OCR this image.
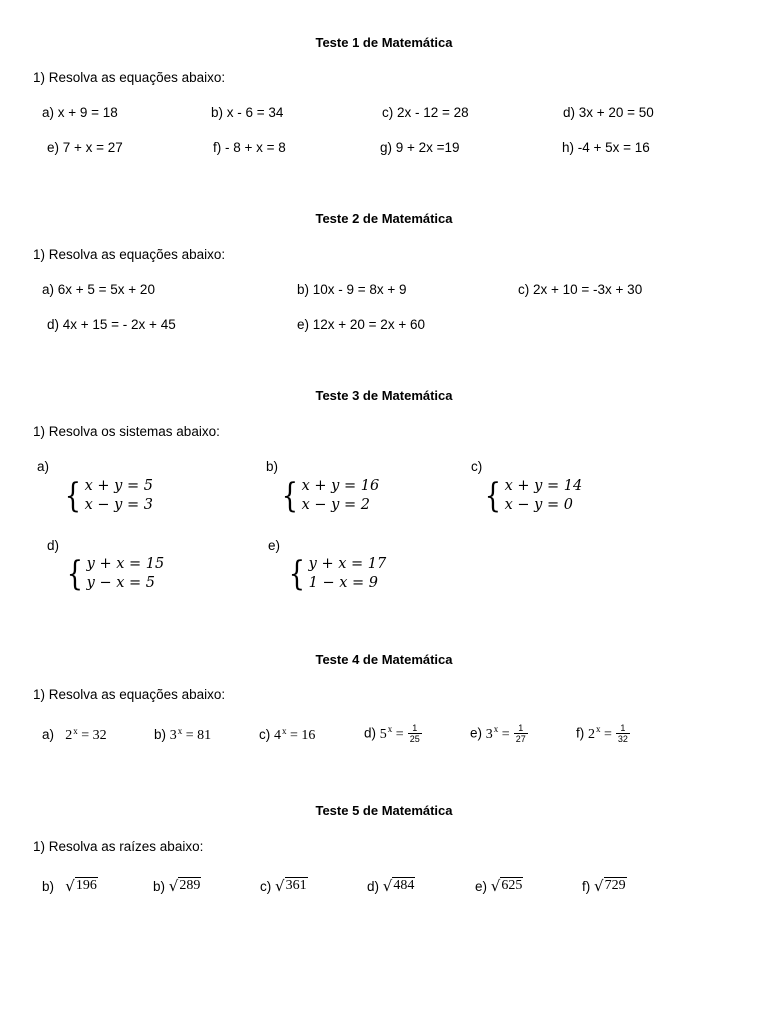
Teste 1 de Matemática
1) Resolva as equações abaixo:
a) x + 9 = 18	b) x - 6 = 34	c) 2x - 12 = 28	d) 3x + 20 = 50
e) 7 + x = 27	f) - 8 + x = 8	g) 9 + 2x =19	h) -4 + 5x = 16
Teste 2 de Matemática
1) Resolva as equações abaixo:
a) 6x + 5 = 5x + 20	b) 10x - 9 = 8x + 9	c) 2x + 10 = -3x + 30
d) 4x + 15 = - 2x + 45	e) 12x + 20 = 2x + 60
Teste 3 de Matemática
1) Resolva os sistemas abaixo:
a)
{ x + y = 5
x − y = 3
b)
{ x + y = 16
x − y = 2
c)
{ x + y = 14
x − y = 0
d)
{ y + x = 15
y − x = 5
e)
{ y + x = 17
1 − x = 9
Teste 4 de Matemática
1) Resolva as equações abaixo:
a) 2$^x$
= 32	b) 3$^x$
= 81	c) 4$^x$
= 16	d) 5$^x$
= $\frac{1}{25}$	e) 3$^x$
= $\frac{1}{27}$	f) 2$^x$
= $\frac{1}{32}$
Teste 5 de Matemática
1) Resolva as raízes abaixo:
b) √ 196	b) √ 289	c) √ 361	d) √ 484	e) √ 625	f) √ 729
